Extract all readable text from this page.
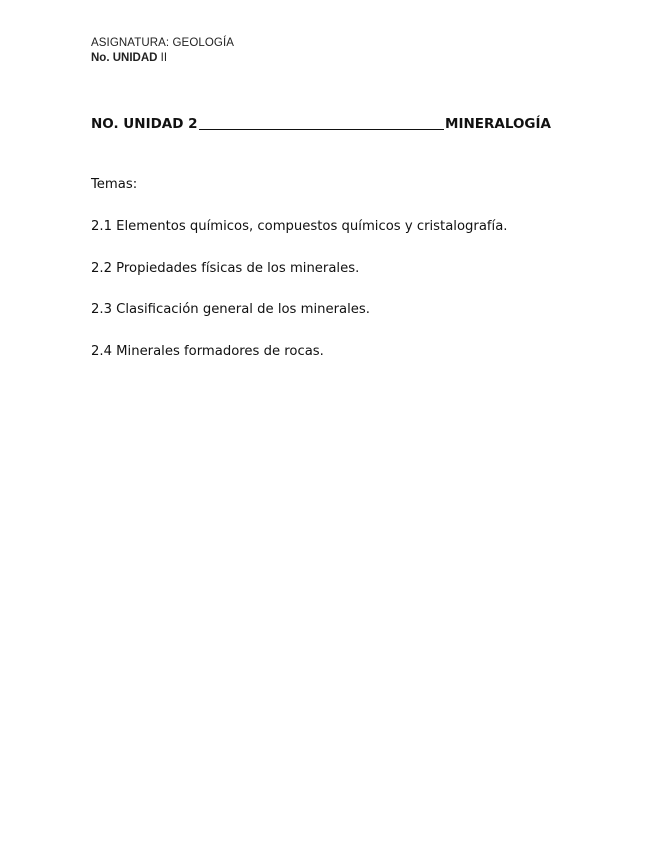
ASIGNATURA: GEOLOGÍA
No. UNIDAD II
NO. UNIDAD 2	MINERALOGÍA
Temas:
2.1 Elementos químicos, compuestos químicos y cristalografía.
2.2 Propiedades físicas de los minerales.
2.3 Clasificación general de los minerales.
2.4 Minerales formadores de rocas.
